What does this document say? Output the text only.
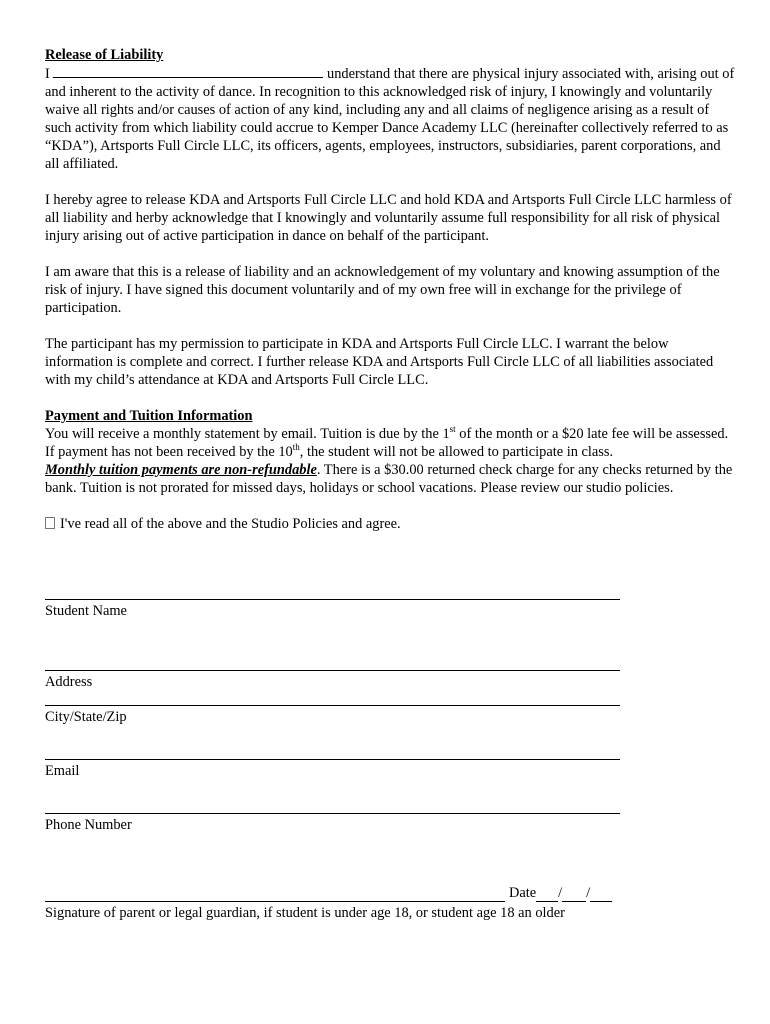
Release of Liability

I	understand that there are physical injury associated with, arising out of and inherent to the activity of dance. In recognition to this acknowledged risk of injury, I knowingly and voluntarily waive all rights and/or causes of action of any kind, including any and all claims of negligence arising as a result of such activity from which liability could accrue to Kemper Dance Academy LLC (hereinafter collectively referred to as “KDA”), Artsports Full Circle LLC, its officers, agents, employees, instructors, subsidiaries, parent corporations, and all affiliated.

I hereby agree to release KDA and Artsports Full Circle LLC and hold KDA and Artsports Full Circle LLC harmless of all liability and herby acknowledge that I knowingly and voluntarily assume full responsibility for all risk of physical injury arising out of active participation in dance on behalf of the participant.

I am aware that this is a release of liability and an acknowledgement of my voluntary and knowing assumption of the risk of injury. I have signed this document voluntarily and of my own free will in exchange for the privilege of participation.

The participant has my permission to participate in KDA and Artsports Full Circle LLC. I warrant the below information is complete and correct. I further release KDA and Artsports Full Circle LLC of all liabilities associated with my child’s attendance at KDA and Artsports Full Circle LLC.

Payment and Tuition Information

You will receive a monthly statement by email. Tuition is due by the 1st of the month or a $20 late fee will be assessed. If payment has not been received by the 10th, the student will not be allowed to participate in class.
Monthly tuition payments are non-refundable. There is a $30.00 returned check charge for any checks returned by the bank. Tuition is not prorated for missed days, holidays or school vacations. Please review our studio policies.

I've read all of the above and the Studio Policies and agree.
Student Name
Address
City/State/Zip
Email
Phone Number
Date / /
Signature of parent or legal guardian, if student is under age 18, or student age 18 an older
